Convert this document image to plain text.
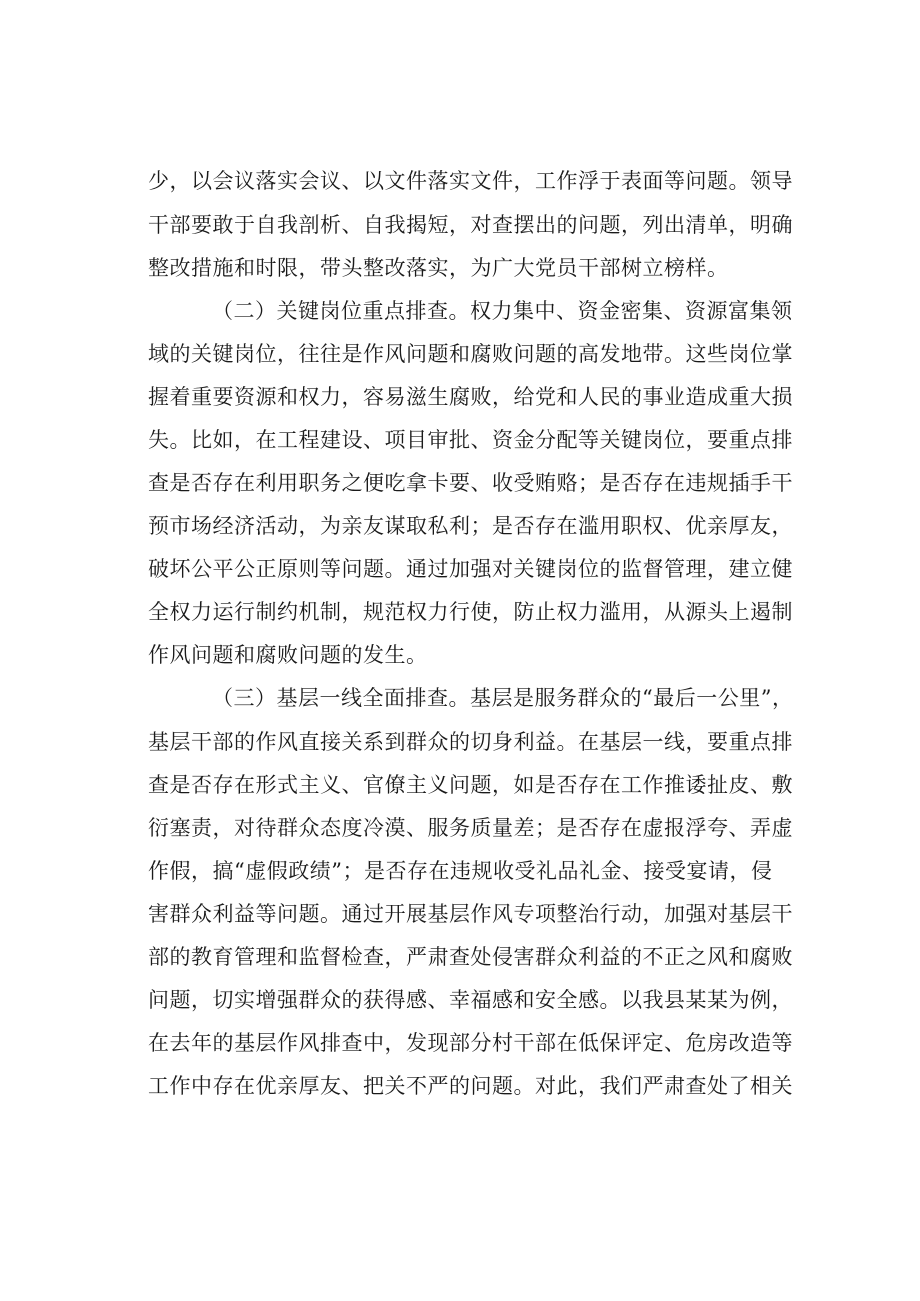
少，以会议落实会议、以文件落实文件，工作浮于表面等问题。领导
干部要敢于自我剖析、自我揭短，对查摆出的问题，列出清单，明确
整改措施和时限，带头整改落实，为广大党员干部树立榜样。
（二）关键岗位重点排查。权力集中、资金密集、资源富集领
域的关键岗位，往往是作风问题和腐败问题的高发地带。这些岗位掌
握着重要资源和权力，容易滋生腐败，给党和人民的事业造成重大损
失。比如，在工程建设、项目审批、资金分配等关键岗位，要重点排
查是否存在利用职务之便吃拿卡要、收受贿赂；是否存在违规插手干
预市场经济活动，为亲友谋取私利；是否存在滥用职权、优亲厚友，
破坏公平公正原则等问题。通过加强对关键岗位的监督管理，建立健
全权力运行制约机制，规范权力行使，防止权力滥用，从源头上遏制
作风问题和腐败问题的发生。
（三）基层一线全面排查。基层是服务群众的“最后一公里”，
基层干部的作风直接关系到群众的切身利益。在基层一线，要重点排
查是否存在形式主义、官僚主义问题，如是否存在工作推诿扯皮、敷
衍塞责，对待群众态度冷漠、服务质量差；是否存在虚报浮夸、弄虚
作假，搞“虚假政绩”；是否存在违规收受礼品礼金、接受宴请，侵
害群众利益等问题。通过开展基层作风专项整治行动，加强对基层干
部的教育管理和监督检查，严肃查处侵害群众利益的不正之风和腐败
问题，切实增强群众的获得感、幸福感和安全感。以我县某某为例，
在去年的基层作风排查中，发现部分村干部在低保评定、危房改造等
工作中存在优亲厚友、把关不严的问题。对此，我们严肃查处了相关
